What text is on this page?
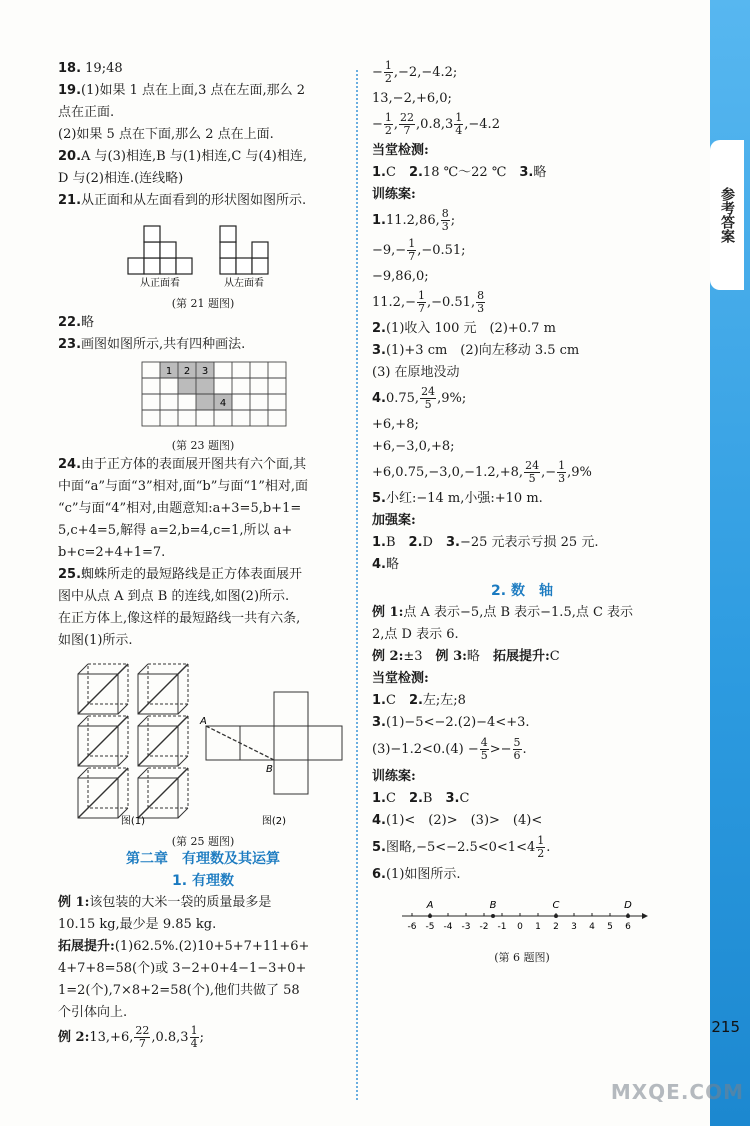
18. 19;48
19.(1)如果 1 点在上面,3 点在左面,那么 2
点在正面.
(2)如果 5 点在下面,那么 2 点在上面.
20.A 与(3)相连,B 与(1)相连,C 与(4)相连,
D 与(2)相连.(连线略)
21.从正面和从左面看到的形状图如图所示.
从正面看	从左面看
(第 21 题图)
22.略
23.画图如图所示,共有四种画法.
1 2 3
4
(第 23 题图)
24.由于正方体的表面展开图共有六个面,其
中面“a”与面“3”相对,面“b”与面“1”相对,面
“c”与面“4”相对,由题意知:a+3=5,b+1=
5,c+4=5,解得 a=2,b=4,c=1,所以 a+
b+c=2+4+1=7.
25.蜘蛛所走的最短路线是正方体表面展开
图中从点 A 到点 B 的连线,如图(2)所示.
在正方体上,像这样的最短路线一共有六条,
如图(1)所示.
A
B
图(1)	图(2)
(第 25 题图)
第二章　有理数及其运算
1. 有理数
例 1:该包装的大米一袋的质量最多是
10.15 kg,最少是 9.85 kg.
拓展提升:(1)62.5%.(2)10+5+7+11+6+
4+7+8=58(个)或 3−2+0+4−1−3+0+
1=2(个),7×8+2=58(个),他们共做了 58
个引体向上.
例 2:13,+6, $\frac{22}{7} ,0.8,3 \frac{1}{4}$ ;
− $\frac{1}{2} ,-2,-4.2$;
13,−2,+6,0;
− $\frac{1}{2}$ , $\frac{22}{7} ,0.8,3 \frac{1}{4} ,-4.2$
当堂检测:
1.C　2.18 ℃～22 ℃　3.略
训练案:
1.11.2,86, $\frac{8}{3}$ ;
$-9,- \frac{1}{7} ,-0.51$;
−9,86,0;
$11.2,- \frac{1}{7} ,-0.51$, $\frac{8}{3}$
2.(1)收入 100 元　(2)+0.7 m
3.(1)+3 cm　(2)向左移动 3.5 cm
(3) 在原地没动
4.0.75, $\frac{24}{5} ,9\%$;
+6,+8;
+6,−3,0,+8;
+6,0.75,−3,0,−1.2,+8, $\frac{24}{5}$ ,− $\frac{1}{3} ,9\%$
5.小红:−14 m,小强:+10 m.
加强案:
1.B　2.D　3.−25 元表示亏损 25 元.
4.略
2. 数　轴
例 1:点 A 表示−5,点 B 表示−1.5,点 C 表示
2,点 D 表示 6.
例 2:±3　例 3:略　拓展提升:C
当堂检测:
1.C　2.左;左;8
3.(1)−5<−2.(2)−4<+3.
$(3)-1.2<0.(4) - \frac{4}{5} >- \frac{5}{6}$ .
训练案:
1.C　2.B　3.C
4.(1)<　(2)>　(3)>　(4)<
5.图略$,-5<-2.5<0<1<4 \frac{1}{2}$ .
6.(1)如图所示.
-6 -5 -4 -3 -2 -1 0 1 2 3 4 5 6
A	B	C	D
(第 6 题图)
参考答案
215
MXQE.COM
